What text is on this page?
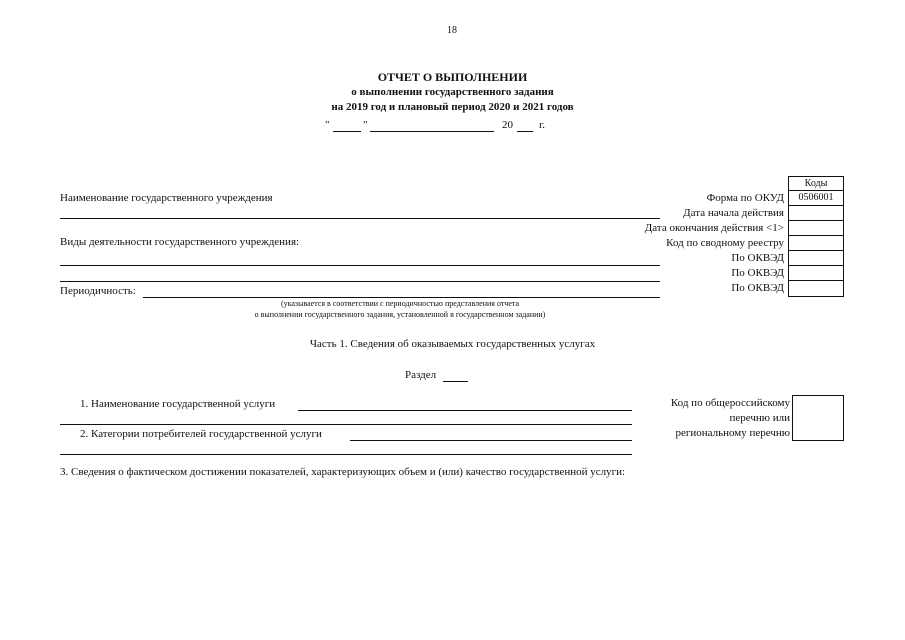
18
ОТЧЕТ О ВЫПОЛНЕНИИ
о выполнении государственного задания
на 2019 год и плановый период 2020 и 2021 годов
"	"	20 г.
Наименование государственного учреждения
Виды деятельности государственного учреждения:
Периодичность:
(указывается в соответствии с периодичностью представления отчета
о выполнении государственного задания, установленной в государственном задании)
Коды
Форма по ОКУД	0506001
Дата начала действия
Дата окончания действия <1>
Код по сводному реестру
По ОКВЭД
По ОКВЭД
По ОКВЭД
Часть 1. Сведения об оказываемых государственных услугах
Раздел
1. Наименование государственной услуги
2. Категории потребителей государственной услуги
Код по общероссийскому
перечню или
региональному перечню
3. Сведения о фактическом достижении показателей, характеризующих объем и (или) качество государственной услуги:
